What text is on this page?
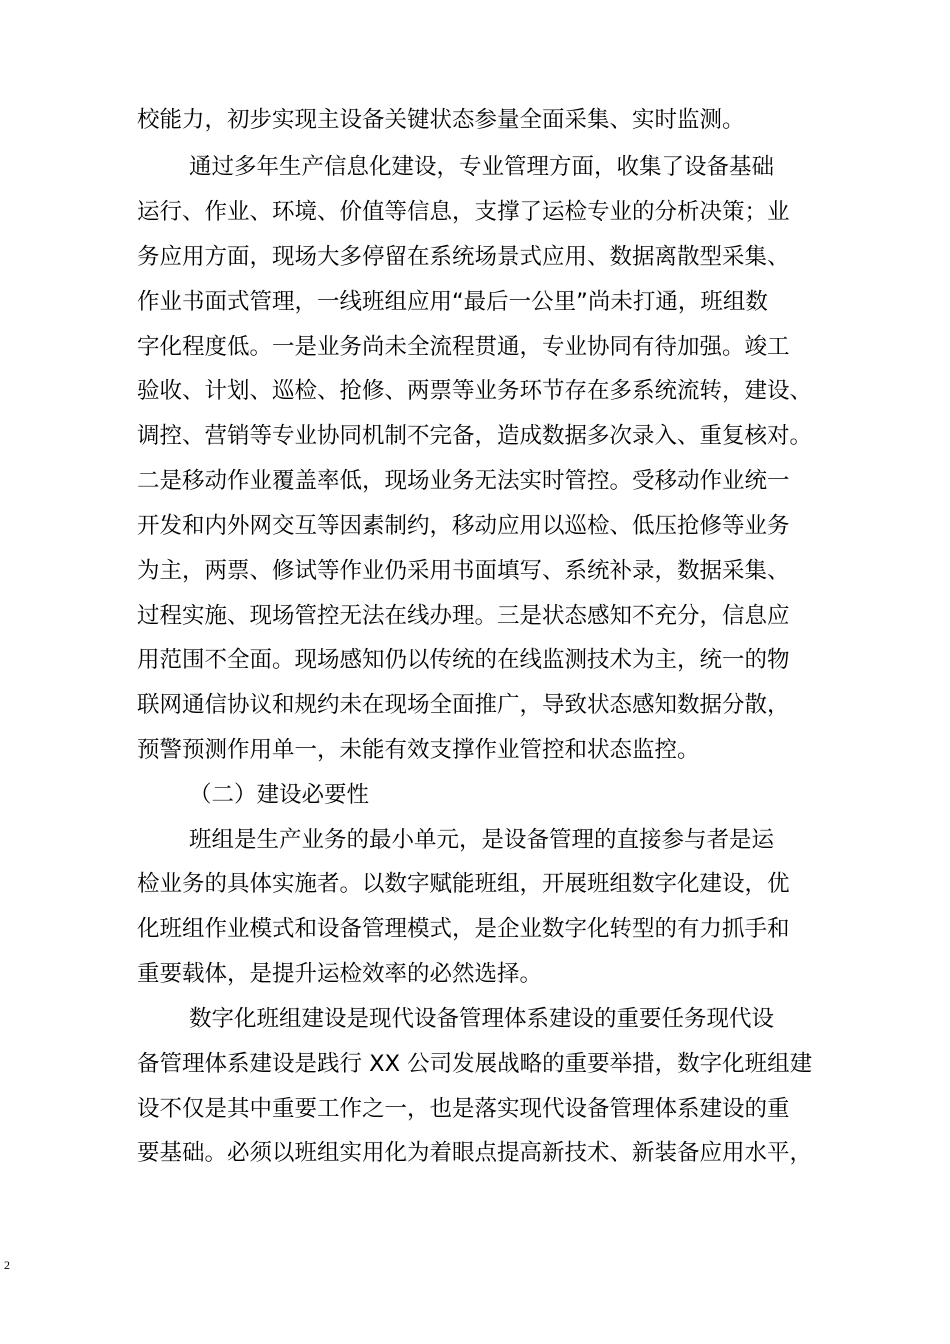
校能力，初步实现主设备关键状态参量全面采集、实时监测。
通过多年生产信息化建设，专业管理方面，收集了设备基础
运行、作业、环境、价值等信息，支撑了运检专业的分析决策；业
务应用方面，现场大多停留在系统场景式应用、数据离散型采集、
作业书面式管理，一线班组应用“最后一公里”尚未打通，班组数
字化程度低。一是业务尚未全流程贯通，专业协同有待加强。竣工
验收、计划、巡检、抢修、两票等业务环节存在多系统流转，建设、
调控、营销等专业协同机制不完备，造成数据多次录入、重复核对。
二是移动作业覆盖率低，现场业务无法实时管控。受移动作业统一
开发和内外网交互等因素制约，移动应用以巡检、低压抢修等业务
为主，两票、修试等作业仍采用书面填写、系统补录，数据采集、
过程实施、现场管控无法在线办理。三是状态感知不充分，信息应
用范围不全面。现场感知仍以传统的在线监测技术为主，统一的物
联网通信协议和规约未在现场全面推广，导致状态感知数据分散，
预警预测作用单一，未能有效支撑作业管控和状态监控。
（二）建设必要性
班组是生产业务的最小单元，是设备管理的直接参与者是运
检业务的具体实施者。以数字赋能班组，开展班组数字化建设，优
化班组作业模式和设备管理模式，是企业数字化转型的有力抓手和
重要载体，是提升运检效率的必然选择。
数字化班组建设是现代设备管理体系建设的重要任务现代设
备管理体系建设是践行 XX 公司发展战略的重要举措，数字化班组建
设不仅是其中重要工作之一，也是落实现代设备管理体系建设的重
要基础。必须以班组实用化为着眼点提高新技术、新装备应用水平，
2
